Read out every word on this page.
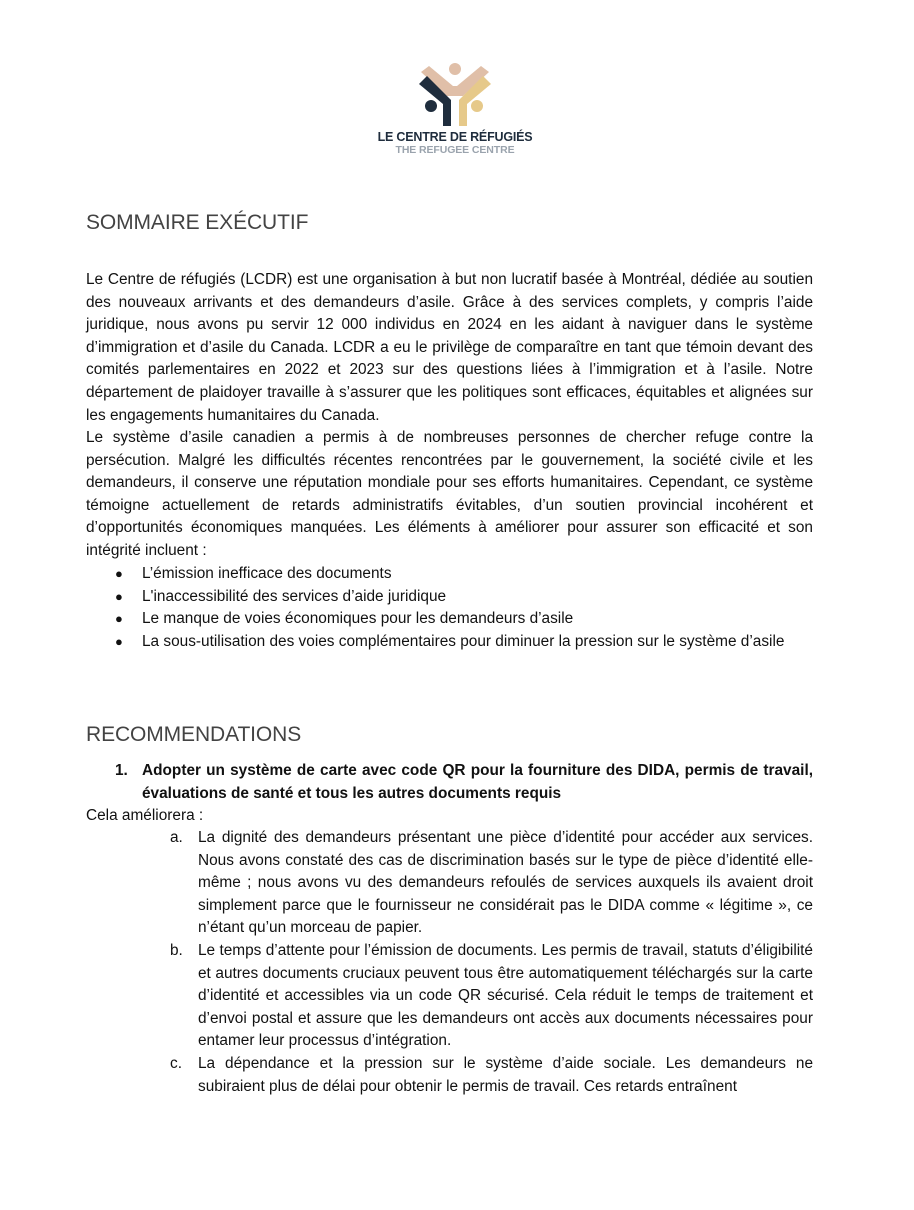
LE CENTRE DE RÉFUGIÉS
THE REFUGEE CENTRE
SOMMAIRE EXÉCUTIF

Le Centre de réfugiés (LCDR) est une organisation à but non lucratif basée à Montréal, dédiée au soutien des nouveaux arrivants et des demandeurs d’asile. Grâce à des services complets, y compris l’aide juridique, nous avons pu servir 12 000 individus en 2024 en les aidant à naviguer dans le système d’immigration et d’asile du Canada. LCDR a eu le privilège de comparaître en tant que témoin devant des comités parlementaires en 2022 et 2023 sur des questions liées à l’immigration et à l’asile. Notre département de plaidoyer travaille à s’assurer que les politiques sont efficaces, équitables et alignées sur les engagements humanitaires du Canada.

Le système d’asile canadien a permis à de nombreuses personnes de chercher refuge contre la persécution. Malgré les difficultés récentes rencontrées par le gouvernement, la société civile et les demandeurs, il conserve une réputation mondiale pour ses efforts humanitaires. Cependant, ce système témoigne actuellement de retards administratifs évitables, d’un soutien provincial incohérent et d’opportunités économiques manquées. Les éléments à améliorer pour assurer son efficacité et son intégrité incluent :

● L’émission inefficace des documents
● L'inaccessibilité des services d’aide juridique
● Le manque de voies économiques pour les demandeurs d’asile
● La sous-utilisation des voies complémentaires pour diminuer la pression sur le système d’asile
RECOMMENDATIONS
1. Adopter un système de carte avec code QR pour la fourniture des DIDA, permis de travail, évaluations de santé et tous les autres documents requis
Cela améliorera :
a. La dignité des demandeurs présentant une pièce d’identité pour accéder aux services. Nous avons constaté des cas de discrimination basés sur le type de pièce d’identité elle-même ; nous avons vu des demandeurs refoulés de services auxquels ils avaient droit simplement parce que le fournisseur ne considérait pas le DIDA comme « légitime », ce n’étant qu’un morceau de papier.
b. Le temps d’attente pour l’émission de documents. Les permis de travail, statuts d’éligibilité et autres documents cruciaux peuvent tous être automatiquement téléchargés sur la carte d’identité et accessibles via un code QR sécurisé. Cela réduit le temps de traitement et d’envoi postal et assure que les demandeurs ont accès aux documents nécessaires pour entamer leur processus d’intégration.
c. La dépendance et la pression sur le système d’aide sociale. Les demandeurs ne subiraient plus de délai pour obtenir le permis de travail. Ces retards entraînent
